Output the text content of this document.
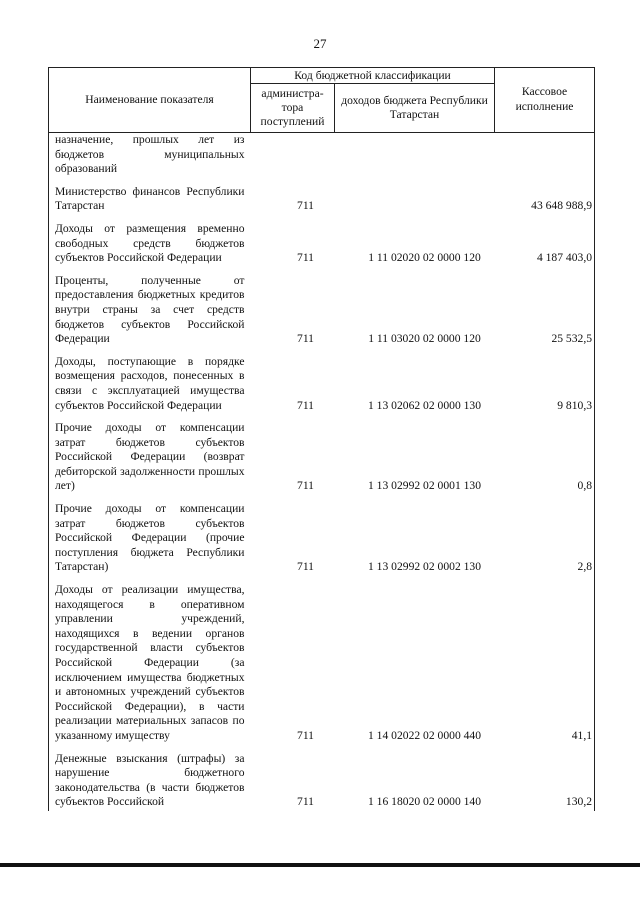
27
Наименование показателя	Код бюджетной классификации		Кассовое исполнение
	администра-тора поступлений	доходов бюджета Республики Татарстан	
назначение, прошлых лет из бюджетов муниципальных образований			
Министерство финансов Республики Татарстан	711		43 648 988,9
Доходы от размещения временно свободных средств бюджетов субъектов Российской Федерации	711	1 11 02020 02 0000 120	4 187 403,0
Проценты, полученные от предоставления бюджетных кредитов внутри страны за счет средств бюджетов субъектов Российской Федерации	711	1 11 03020 02 0000 120	25 532,5
Доходы, поступающие в порядке возмещения расходов, понесенных в связи с эксплуатацией имущества субъектов Российской Федерации	711	1 13 02062 02 0000 130	9 810,3
Прочие доходы от компенсации затрат бюджетов субъектов Российской Федерации (возврат дебиторской задолженности прошлых лет)	711	1 13 02992 02 0001 130	0,8
Прочие доходы от компенсации затрат бюджетов субъектов Российской Федерации (прочие поступления бюджета Республики Татарстан)	711	1 13 02992 02 0002 130	2,8
Доходы от реализации имущества, находящегося в оперативном управлении учреждений, находящихся в ведении органов государственной власти субъектов Российской Федерации (за исключением имущества бюджетных и автономных учреждений субъектов Российской Федерации), в части реализации материальных запасов по указанному имуществу	711	1 14 02022 02 0000 440	41,1
Денежные взыскания (штрафы) за нарушение бюджетного законодательства (в части бюджетов субъектов Российской	711	1 16 18020 02 0000 140	130,2
